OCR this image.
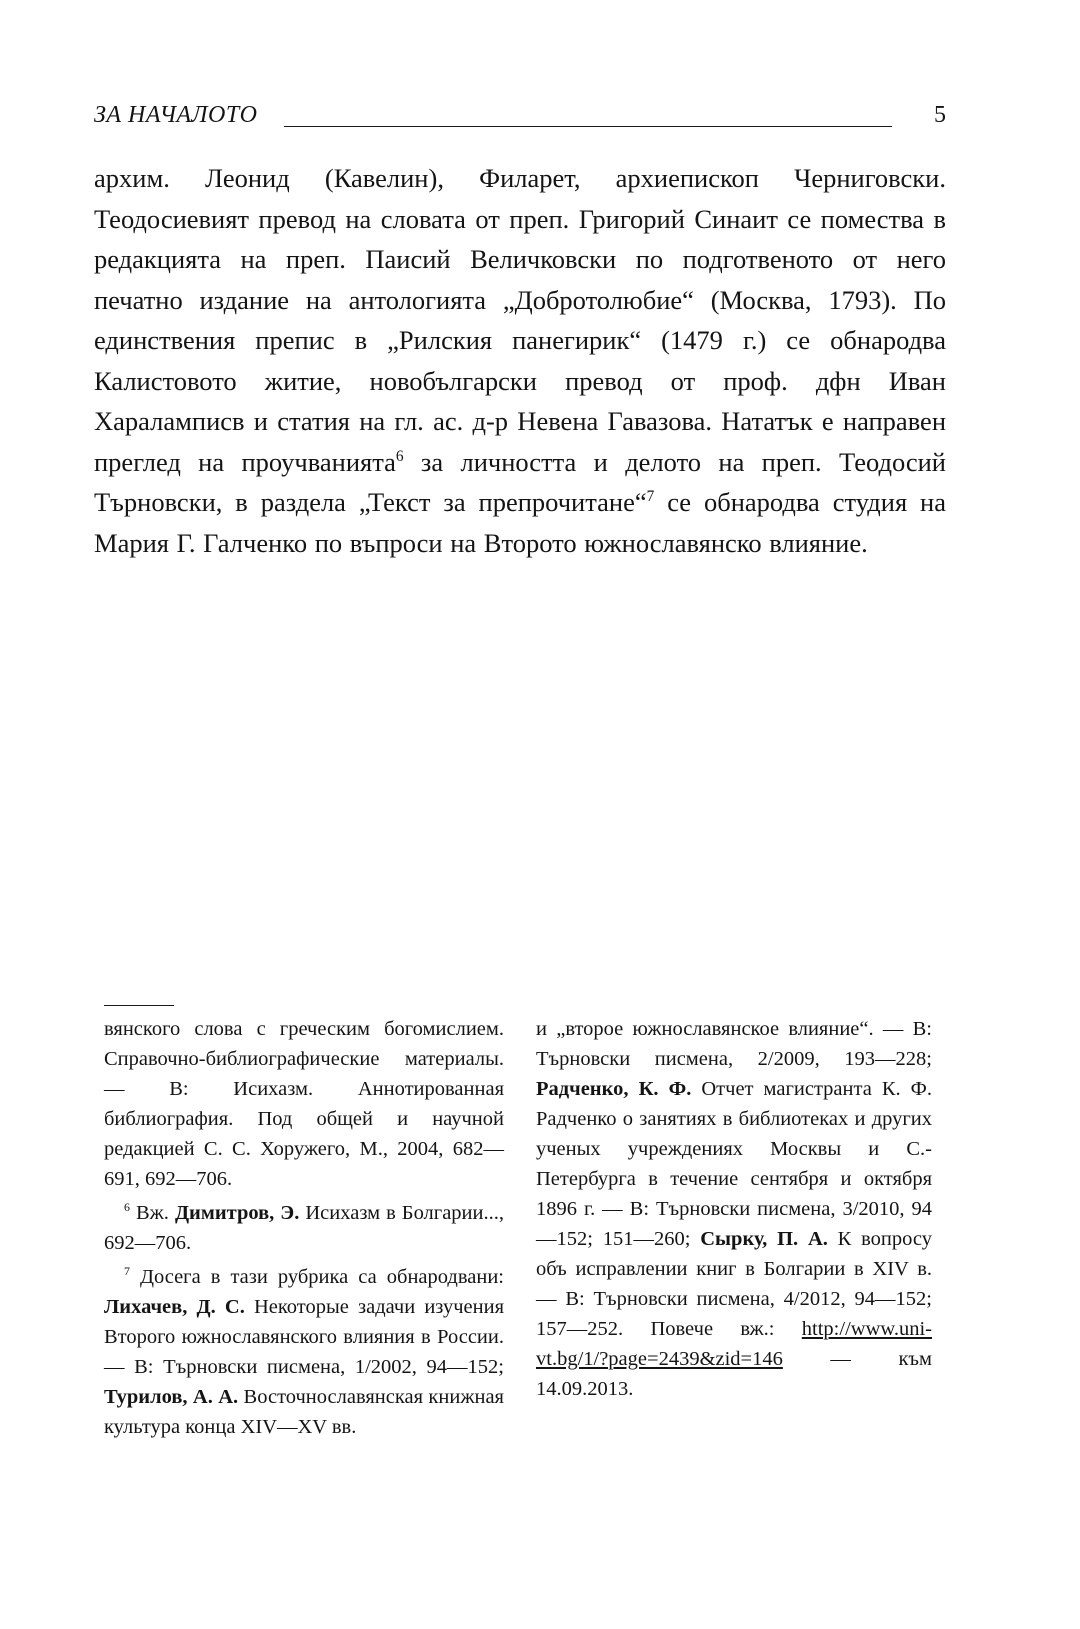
ЗА НАЧАЛОТО	5

архим. Леонид (Кавелин), Филарет, архиепископ Черниговски. Теодосиевият превод на словата от преп. Григорий Синаит се помества в редакцията на преп. Паисий Величковски по подготвеното от него печатно издание на антологията „Добротолюбие“ (Москва, 1793). По единствения препис в „Рилския панегирик“ (1479 г.) се обнародва Калистовото житие, новобългарски превод от проф. дфн Иван Хараламписв и статия на гл. ас. д-р Невена Гавазова. Нататък е направен преглед на проучванията$^6$ за личността и делото на преп. Теодосий Търновски, в раздела „Текст за препрочитане“$^7$ се обнародва студия на Мария Г. Галченко по въпроси на Второто южнославянско влияние.

вянского слова с греческим богомислием. Справочно-библиографические материалы. — В: Исихазм. Аннотированная библиография. Под общей и научной редакцией С. С. Хоружего, М., 2004, 682—691, 692—706.

$^6$ Вж. Димитров, Э. Исихазм в Болгарии..., 692—706.

$^7$ Досега в тази рубрика са обнародвани: Лихачев, Д. С. Некоторые задачи изучения Второго южнославянского влияния в России. — В: Търновски писмена, 1/2002, 94—152; Турилов, А. А. Восточнославянская книжная культура конца XIV—XV вв.

и „второе южнославянское влияние“. — В: Търновски писмена, 2/2009, 193—228; Радченко, К. Ф. Отчет магистранта К. Ф. Радченко о занятиях в библиотеках и других ученых учреждениях Москвы и С.-Петербурга в течение сентября и октября 1896 г. — В: Търновски писмена, 3/2010, 94—152; 151—260; Сырку, П. А. К вопросу объ исправлении книг в Болгарии в XIV в. — В: Търновски писмена, 4/2012, 94—152; 157—252. Повече вж.: http://www.uni-vt.bg/1/?page=2439&zid=146 — към 14.09.2013.
